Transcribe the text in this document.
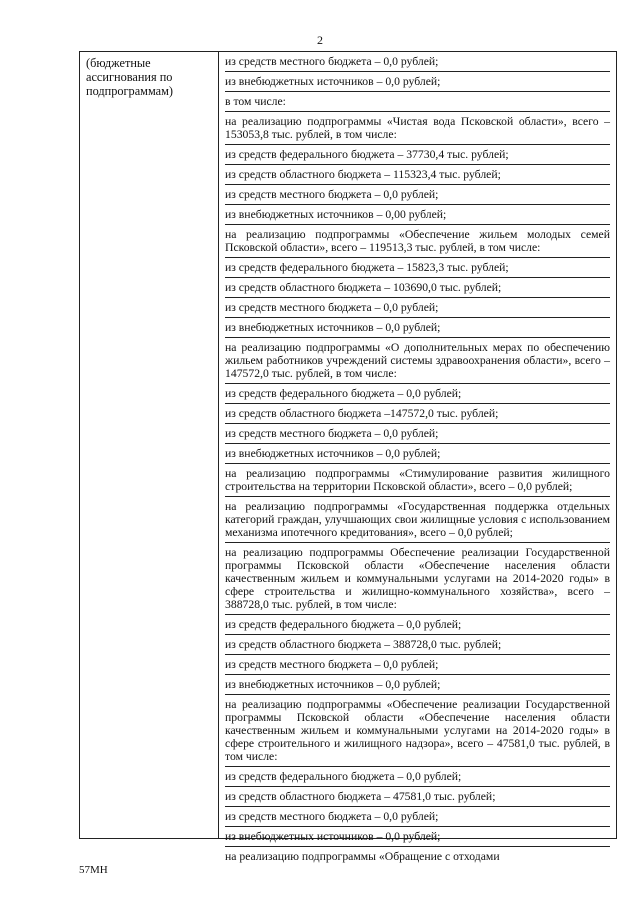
2
(бюджетные ассигнования по подпрограммам)
из средств местного бюджета – 0,0 рублей;
из внебюджетных источников – 0,0 рублей;
в том числе:
на реализацию подпрограммы «Чистая вода Псковской области», всего – 153053,8 тыс. рублей, в том числе:
из средств федерального бюджета – 37730,4 тыс. рублей;
из средств областного бюджета – 115323,4 тыс. рублей;
из средств местного бюджета – 0,0 рублей;
из внебюджетных источников – 0,00 рублей;
на реализацию подпрограммы «Обеспечение жильем молодых семей Псковской области», всего – 119513,3 тыс. рублей, в том числе:
из средств федерального бюджета – 15823,3 тыс. рублей;
из средств областного бюджета – 103690,0 тыс. рублей;
из средств местного бюджета – 0,0 рублей;
из внебюджетных источников – 0,0 рублей;
на реализацию подпрограммы «О дополнительных мерах по обеспечению жильем работников учреждений системы здравоохранения области», всего – 147572,0 тыс. рублей, в том числе:
из средств федерального бюджета – 0,0 рублей;
из средств областного бюджета –147572,0 тыс. рублей;
из средств местного бюджета – 0,0 рублей;
из внебюджетных источников – 0,0 рублей;
на реализацию подпрограммы «Стимулирование развития жилищного строительства на территории Псковской области», всего – 0,0 рублей;
на реализацию подпрограммы «Государственная поддержка отдельных категорий граждан, улучшающих свои жилищные условия с использованием механизма ипотечного кредитования», всего – 0,0 рублей;
на реализацию подпрограммы Обеспечение реализации Государственной программы Псковской области «Обеспечение населения области качественным жильем и коммунальными услугами на 2014-2020 годы» в сфере строительства и жилищно-коммунального хозяйства», всего – 388728,0 тыс. рублей, в том числе:
из средств федерального бюджета – 0,0 рублей;
из средств областного бюджета – 388728,0 тыс. рублей;
из средств местного бюджета – 0,0 рублей;
из внебюджетных источников – 0,0 рублей;
на реализацию подпрограммы «Обеспечение реализации Государственной программы Псковской области «Обеспечение населения области качественным жильем и коммунальными услугами на 2014-2020 годы» в сфере строительного и жилищного надзора», всего – 47581,0 тыс. рублей, в том числе:
из средств федерального бюджета – 0,0 рублей;
из средств областного бюджета – 47581,0 тыс. рублей;
из средств местного бюджета – 0,0 рублей;
из внебюджетных источников – 0,0 рублей;
на реализацию подпрограммы «Обращение с отходами
57МН
